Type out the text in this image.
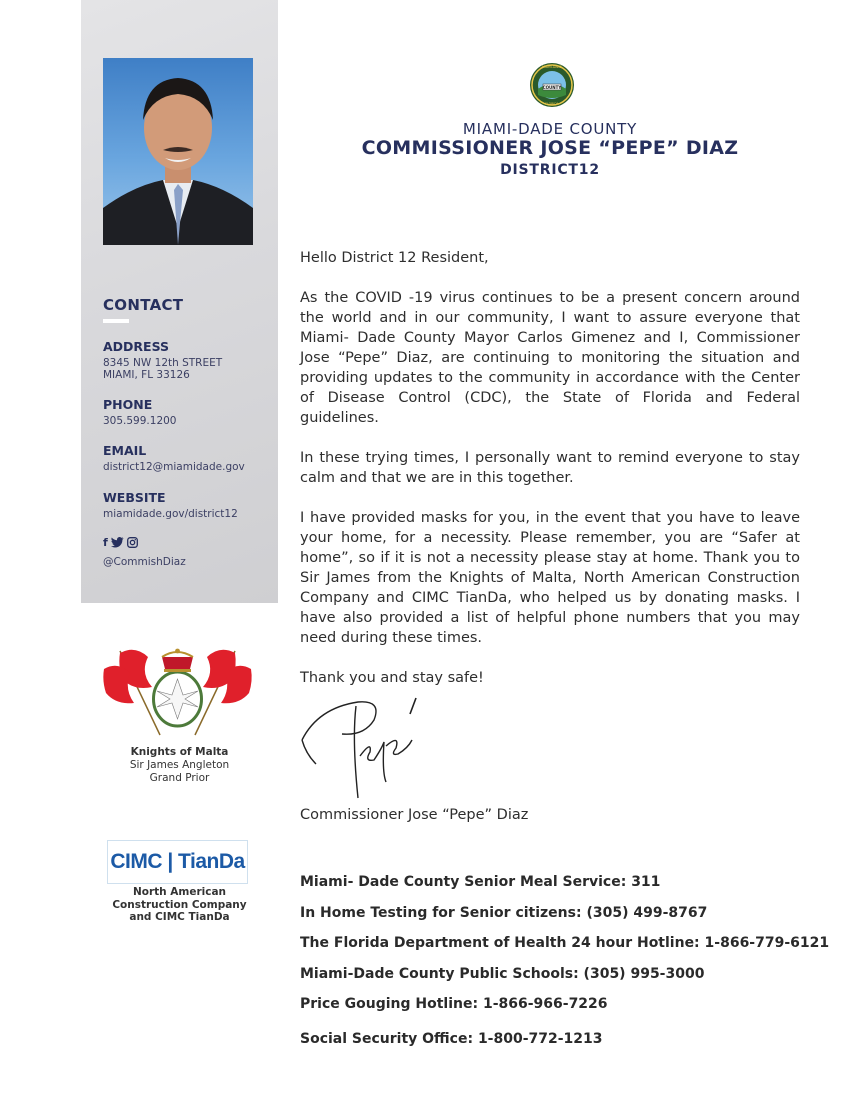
CONTACT
ADDRESS
8345 NW 12th STREET
MIAMI, FL 33126
PHONE
305.599.1200
EMAIL
district12@miamidade.gov
WEBSITE
miamidade.gov/district12
f
@CommishDiaz
Knights of Malta
Sir James Angleton
Grand Prior
CIMC | TianDa
North American
Construction Company
and CIMC TianDa
COUNTY
MIAMI-DADE
FLORIDA
MIAMI-DADE COUNTY
COMMISSIONER JOSE “PEPE” DIAZ
DISTRICT12

Hello District 12 Resident,

As the COVID -19 virus continues to be a present concern around the world and in our community, I want to assure everyone that Miami- Dade County Mayor Carlos Gimenez and I, Commissioner Jose “Pepe” Diaz, are continuing to monitoring the situation and providing updates to the community in accordance with the Center of Disease Control (CDC), the State of Florida and Federal guidelines.

In these trying times, I personally want to remind everyone to stay calm and that we are in this together.

I have provided masks for you, in the event that you have to leave your home, for a necessity. Please remember, you are “Safer at home”, so if it is not a necessity please stay at home. Thank you to Sir James from the Knights of Malta, North American Construction Company and CIMC TianDa, who helped us by donating masks. I have also provided a list of helpful phone numbers that you may need during these times.

Thank you and stay safe!

Pepe
Commissioner Jose “Pepe” Diaz
Miami- Dade County Senior Meal Service: 311
In Home Testing for Senior citizens: (305) 499-8767
The Florida Department of Health 24 hour Hotline: 1-866-779-6121
Miami-Dade County Public Schools: (305) 995-3000
Price Gouging Hotline: 1-866-966-7226
Social Security Office: 1-800-772-1213
